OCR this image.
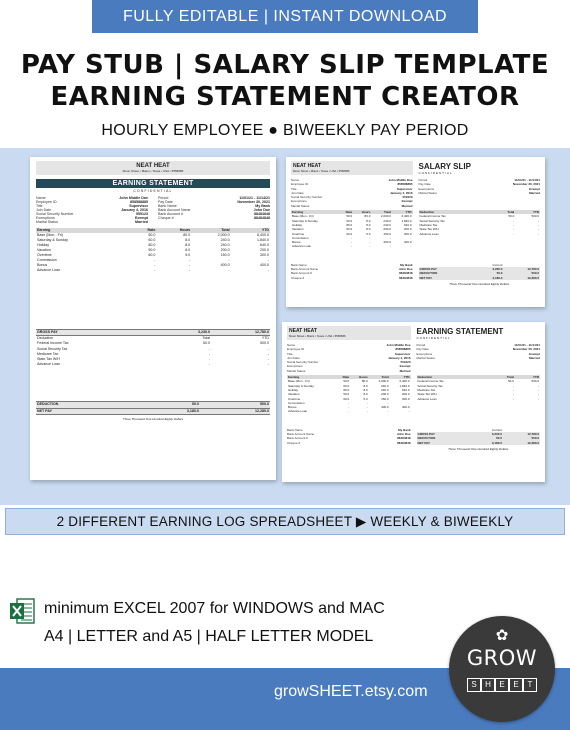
FULLY EDITABLE | INSTANT DOWNLOAD
PAY STUB | SALARY SLIP TEMPLATE
EARNING STATEMENT CREATOR
HOURLY EMPLOYEE ● BIWEEKLY PAY PERIOD
NEAT HEAT
Moon Street • Miami • Texas • USA • 5558686
EARNING STATEMENT
CONFIDENTIAL
Name	John Middle Doe
Employee ID	858588885
Title	Supervisor
Join Date	January 4, 2016
Social Security Number	559123
Exemptions	Exempt
Marital Status	Married
Period	11/01/21 - 11/14/21
Pay Date	November 30, 2021
Bank Name	My Bank
Bank Account Name	John Doe
Bank Account #	88484848
Cheque #	88484848
Earning	Rate	Hours	Total	YTD
Base (Mon - Fri)	50.0	80.0	2,000.0	6,400.0
Saturday & Sunday	60.0	8.0	240.0	1,840.0
Holiday	80.0	8.0	240.0	640.0
Vacation	50.0	8.0	200.0	200.0
Overtime	60.0	5.0	150.0	300.0
Commission	-	-	-	-
Bonus	-	-	400.0	400.0
Advance Loan	-	-	-	-
GROSS PAY	3,230.0	12,780.0
Deduction	Total	YTD
Federal Income Tax	50.0	500.0
Social Security Tax	-	-
Medicare Tax	-	-
State Tax W/H	-	-
Advance Loan	-	-
DEDUCTION	50.0	500.0
NET PAY	3,180.0	12,280.0
Three Thousand One Hundred Eighty Dollars
NEAT HEAT
Moon Street • Miami • Texas • USA • 5558686	SALARY SLIP
CONFIDENTIAL
Name	John Middle Doe
Employee ID	858588885
Title	Supervisor
Join Date	January 4, 2016
Social Security Number	559123
Exemptions	Exempt
Marital Status	Married
Period	11/01/21 - 11/14/21
Pay Date	November 30, 2021
Exemptions	Exempt
Marital Status	Married
Earning	Rate	Hours	Total	YTD
Base (Mon - Fri)	50.0	80.0	2,000.0	6,400.0
Saturday & Sunday	60.0	8.0	240.0	1,840.0
Holiday	80.0	8.0	240.0	640.0
Vacation	50.0	8.0	200.0	200.0
Overtime	60.0	5.0	150.0	300.0
Commission	-	-	-	-
Bonus	-	-	400.0	400.0
Advance Loan	-	-	-	-
Deduction	Total	YTD
Federal Income Tax	50.0	500.0
Social Security Tax	-	-
Medicare Tax	-	-
State Tax W/H	-	-
Advance Loan	-	-
Bank Name	My Bank
Bank Account Name	John Doe
Bank Account #	88484848
Cheque #	88484848
	Current	
GROSS PAY	3,230.0	12,780.0
DEDUCTION	50.0	500.0
NET PAY	3,180.0	12,280.0
Three Thousand One Hundred Eighty Dollars
NEAT HEAT
Moon Street • Miami • Texas • USA • 5558686	EARNING STATEMENT
CONFIDENTIAL
Name	John Middle Doe
Employee ID	858588885
Title	Supervisor
Join Date	January 4, 2016
Social Security Number	559123
Exemptions	Exempt
Marital Status	Married
Period	11/01/21 - 11/14/21
Pay Date	November 30, 2021
Exemptions	Exempt
Marital Status	Married
Earning	Rate	Hours	Total	YTD
Base (Mon - Fri)	50.0	80.0	2,000.0	6,400.0
Saturday & Sunday	60.0	8.0	240.0	1,840.0
Holiday	80.0	8.0	240.0	640.0
Vacation	50.0	8.0	200.0	200.0
Overtime	60.0	5.0	150.0	300.0
Commission	-	-	-	-
Bonus	-	-	400.0	400.0
Advance Loan	-	-	-	-
Deduction	Total	YTD
Federal Income Tax	50.0	500.0
Social Security Tax	-	-
Medicare Tax	-	-
State Tax W/H	-	-
Advance Loan	-	-
Bank Name	My Bank
Bank Account Name	John Doe
Bank Account #	88484848
Cheque #	88484848
	Current	
GROSS PAY	3,230.0	12,780.0
DEDUCTION	50.0	500.0
NET PAY	3,180.0	12,280.0
Three Thousand One Hundred Eighty Dollars
2 DIFFERENT EARNING LOG SPREADSHEET ▶ WEEKLY & BIWEEKLY
minimum EXCEL 2007 for WINDOWS and MAC
A4 | LETTER and A5 | HALF LETTER MODEL
growSHEET.etsy.com
✿
GROW
S	H	E	E	T
